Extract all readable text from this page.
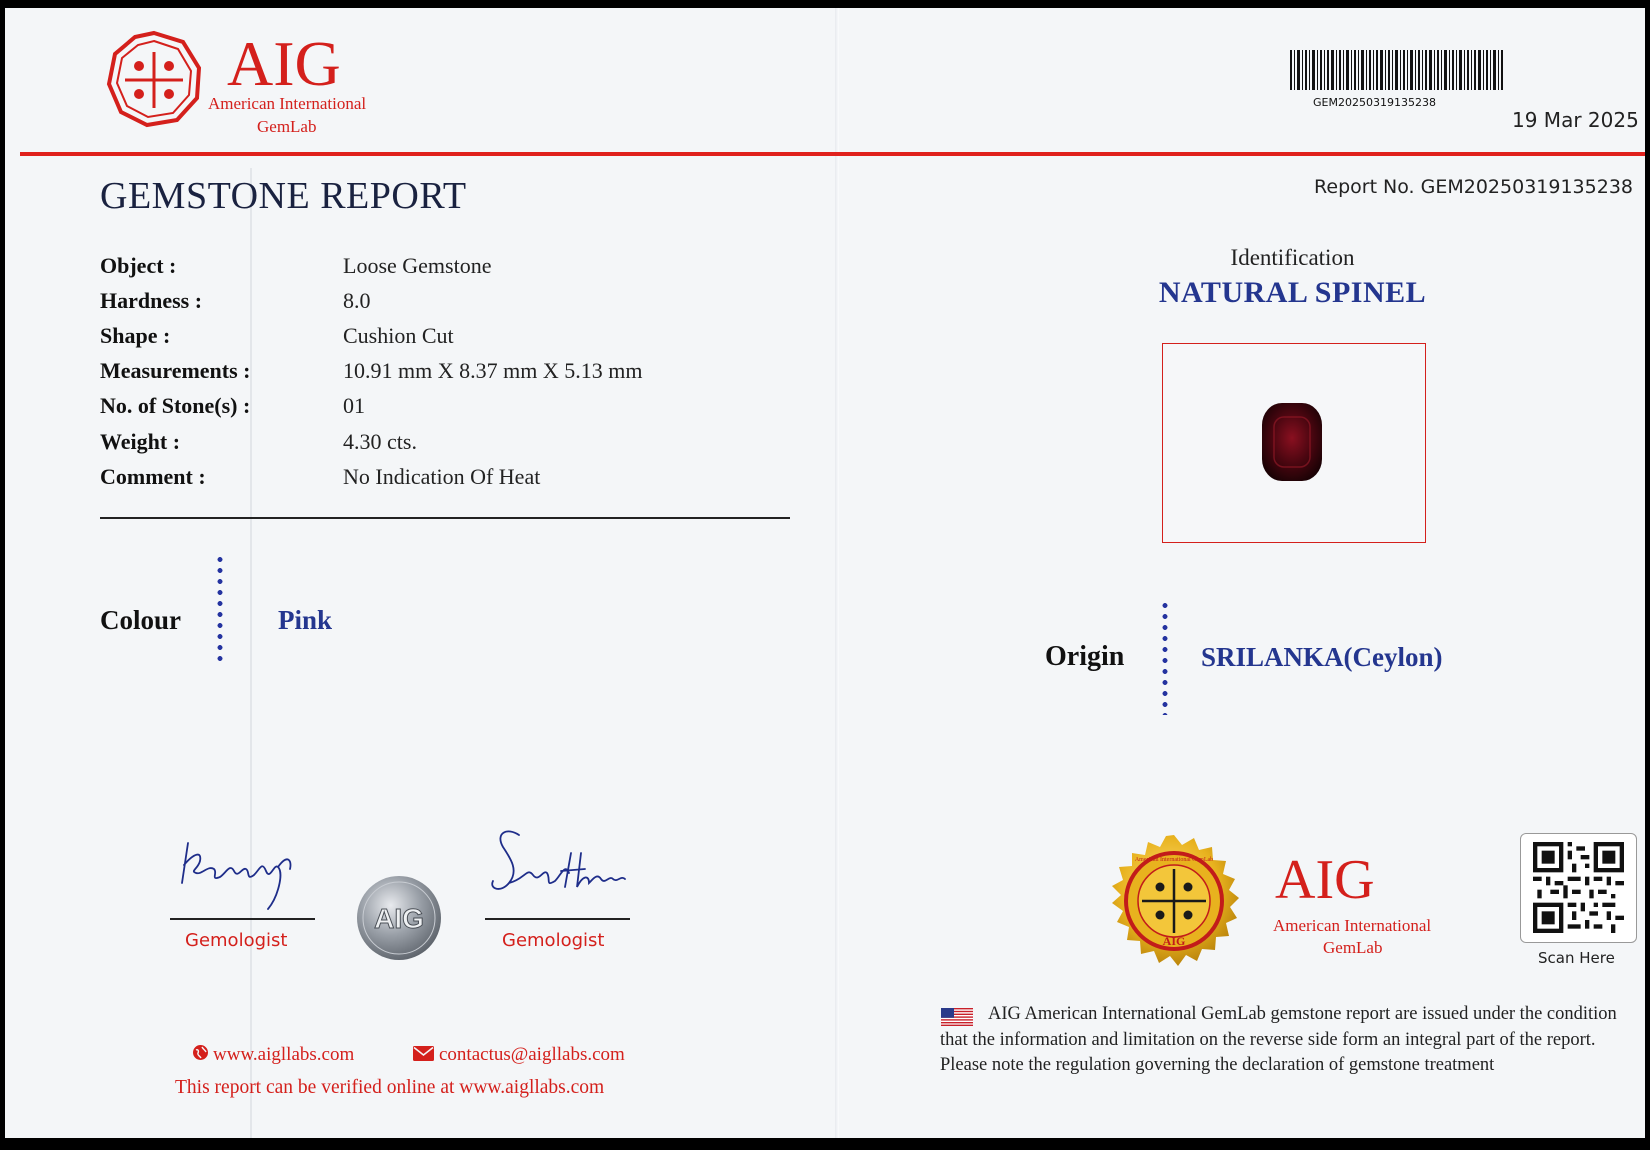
AIG
American International
GemLab
GEM20250319135238
19 Mar 2025
Report No. GEM20250319135238
GEMSTONE REPORT
Object :	Loose Gemstone
Hardness :	8.0
Shape :	Cushion Cut
Measurements :	10.91 mm X 8.37 mm X 5.13 mm
No. of Stone(s) :	01
Weight :	4.30 cts.
Comment :	No Indication Of Heat
Colour	Pink
Identification
NATURAL SPINEL
Origin	SRILANKA(Ceylon)
Gemologist
AIG
Gemologist
www.aigllabs.com	contactus@aigllabs.com
This report can be verified online at www.aigllabs.com
AIG
American International GemLab AIG
American International
GemLab
Scan Here
AIG American International GemLab gemstone report are issued under the condition that the information and limitation on the reverse side form an integral part of the report. Please note the regulation governing the declaration of gemstone treatment
